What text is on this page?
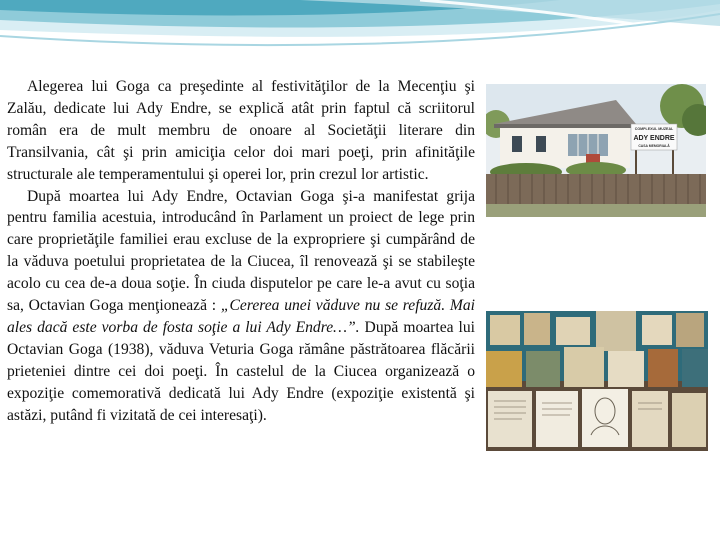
Alegerea lui Goga ca preşedinte al festivităţilor de la Mecenţiu şi Zalău, dedicate lui Ady Endre, se explică atât prin faptul că scriitorul român era de mult membru de onoare al Societăţii literare din Transilvania, cât şi prin amiciţia celor doi mari poeţi, prin afinităţile structurale ale temperamentului şi operei lor, prin crezul lor artistic.

După moartea lui Ady Endre, Octavian Goga şi-a manifestat grija pentru familia acestuia, introducând în Parlament un proiect de lege prin care proprietăţile familiei erau excluse de la expropriere şi cumpărând de la văduva poetului proprietatea de la Ciucea, îl renovează şi se stabileşte acolo cu cea de-a doua soţie. În ciuda disputelor pe care le-a avut cu soţia sa, Octavian Goga menţionează : „Cererea unei văduve nu se refuză. Mai ales dacă este vorba de fosta soţie a lui Ady Endre…”. După moartea lui Octavian Goga (1938), văduva Veturia Goga rămâne păstrătoarea flăcării prieteniei dintre cei doi poeţi. În castelul de la Ciucea organizează o expoziţie comemorativă dedicată lui Ady Endre (expoziţie existentă şi astăzi, putând fi vizitată de cei interesaţi).

COMPLEXUL MUZEAL
ADY ENDRE
CASA MEMORIALĂ
